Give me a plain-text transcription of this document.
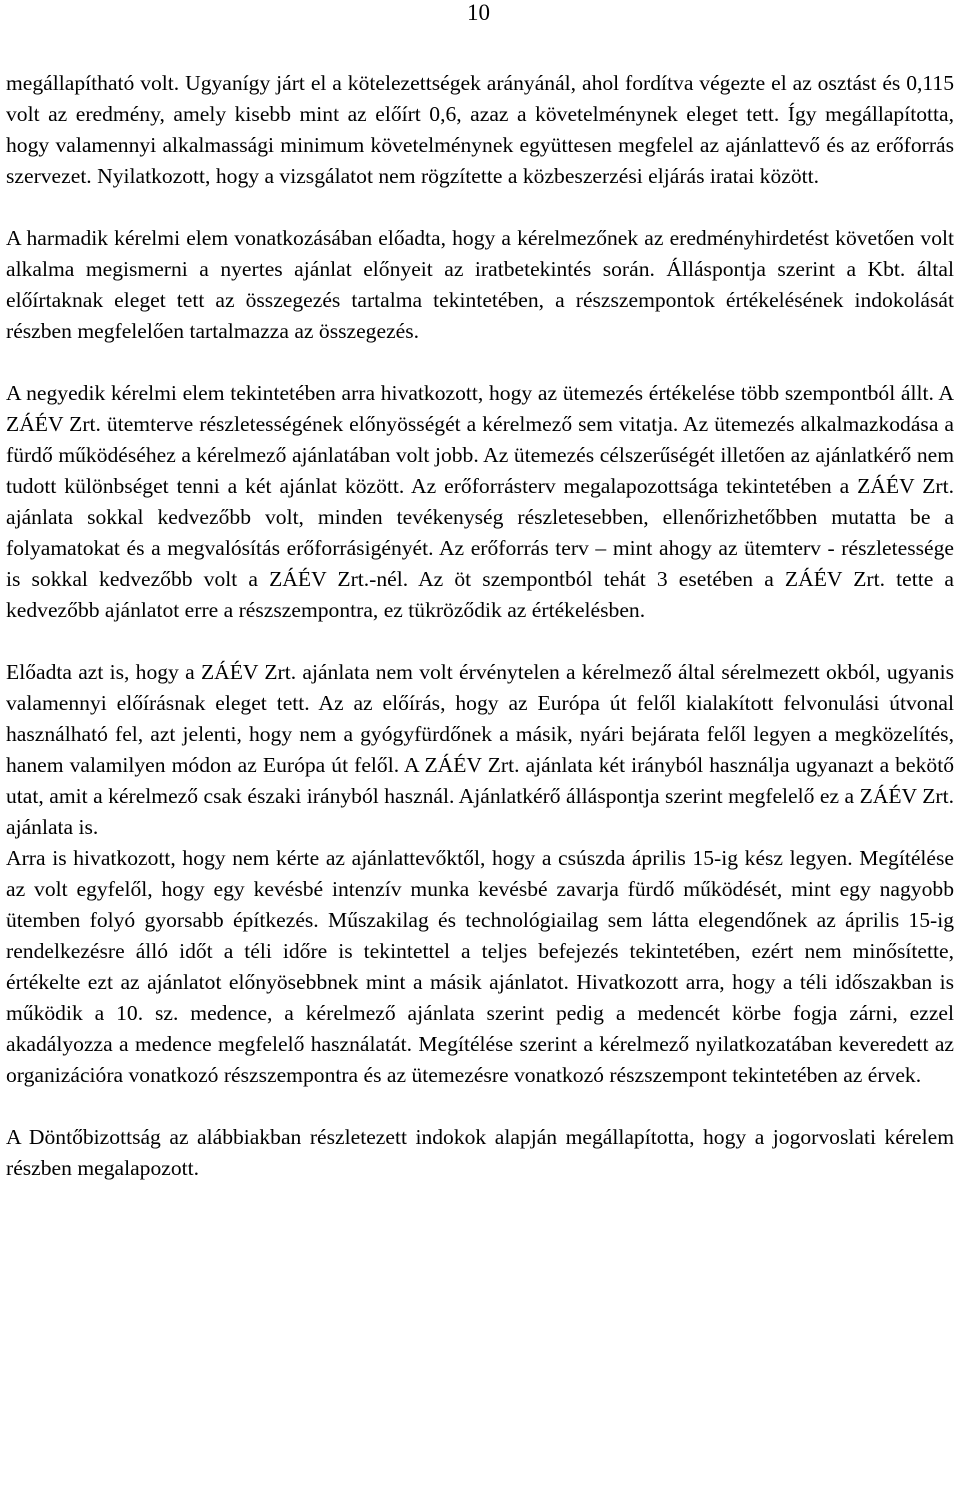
10

megállapítható volt. Ugyanígy járt el a kötelezettségek arányánál, ahol fordítva végezte el az osztást és 0,115 volt az eredmény, amely kisebb mint az előírt 0,6, azaz a követelménynek eleget tett. Így megállapította, hogy valamennyi alkalmassági minimum követelménynek együttesen megfelel az ajánlattevő és az erőforrás szervezet. Nyilatkozott, hogy a vizsgálatot nem rögzítette a közbeszerzési eljárás iratai között.

A harmadik kérelmi elem vonatkozásában előadta, hogy a kérelmezőnek az eredményhirdetést követően volt alkalma megismerni a nyertes ajánlat előnyeit az iratbetekintés során. Álláspontja szerint a Kbt. által előírtaknak eleget tett az összegezés tartalma tekintetében, a részszempontok értékelésének indokolását részben megfelelően tartalmazza az összegezés.

A negyedik kérelmi elem tekintetében arra hivatkozott, hogy az ütemezés értékelése több szempontból állt. A ZÁÉV Zrt. ütemterve részletességének előnyösségét a kérelmező sem vitatja. Az ütemezés alkalmazkodása a fürdő működéséhez a kérelmező ajánlatában volt jobb. Az ütemezés célszerűségét illetően az ajánlatkérő nem tudott különbséget tenni a két ajánlat között. Az erőforrásterv megalapozottsága tekintetében a ZÁÉV Zrt. ajánlata sokkal kedvezőbb volt, minden tevékenység részletesebben, ellenőrizhetőbben mutatta be a folyamatokat és a megvalósítás erőforrásigényét. Az erőforrás terv – mint ahogy az ütemterv - részletessége is sokkal kedvezőbb volt a ZÁÉV Zrt.-nél. Az öt szempontból tehát 3 esetében a ZÁÉV Zrt. tette a kedvezőbb ajánlatot erre a részszempontra, ez tükröződik az értékelésben.

Előadta azt is, hogy a ZÁÉV Zrt. ajánlata nem volt érvénytelen a kérelmező által sérelmezett okból, ugyanis valamennyi előírásnak eleget tett. Az az előírás, hogy az Európa út felől kialakított felvonulási útvonal használható fel, azt jelenti, hogy nem a gyógyfürdőnek a másik, nyári bejárata felől legyen a megközelítés, hanem valamilyen módon az Európa út felől. A ZÁÉV Zrt. ajánlata két irányból használja ugyanazt a bekötő utat, amit a kérelmező csak északi irányból használ. Ajánlatkérő álláspontja szerint megfelelő ez a ZÁÉV Zrt. ajánlata is.

Arra is hivatkozott, hogy nem kérte az ajánlattevőktől, hogy a csúszda április 15-ig kész legyen. Megítélése az volt egyfelől, hogy egy kevésbé intenzív munka kevésbé zavarja fürdő működését, mint egy nagyobb ütemben folyó gyorsabb építkezés. Műszakilag és technológiailag sem látta elegendőnek az április 15-ig rendelkezésre álló időt a téli időre is tekintettel a teljes befejezés tekintetében, ezért nem minősítette, értékelte ezt az ajánlatot előnyösebbnek mint a másik ajánlatot. Hivatkozott arra, hogy a téli időszakban is működik a 10. sz. medence, a kérelmező ajánlata szerint pedig a medencét körbe fogja zárni, ezzel akadályozza a medence megfelelő használatát. Megítélése szerint a kérelmező nyilatkozatában keveredett az organizációra vonatkozó részszempontra és az ütemezésre vonatkozó részszempont tekintetében az érvek.

A Döntőbizottság az alábbiakban részletezett indokok alapján megállapította, hogy a jogorvoslati kérelem részben megalapozott.
